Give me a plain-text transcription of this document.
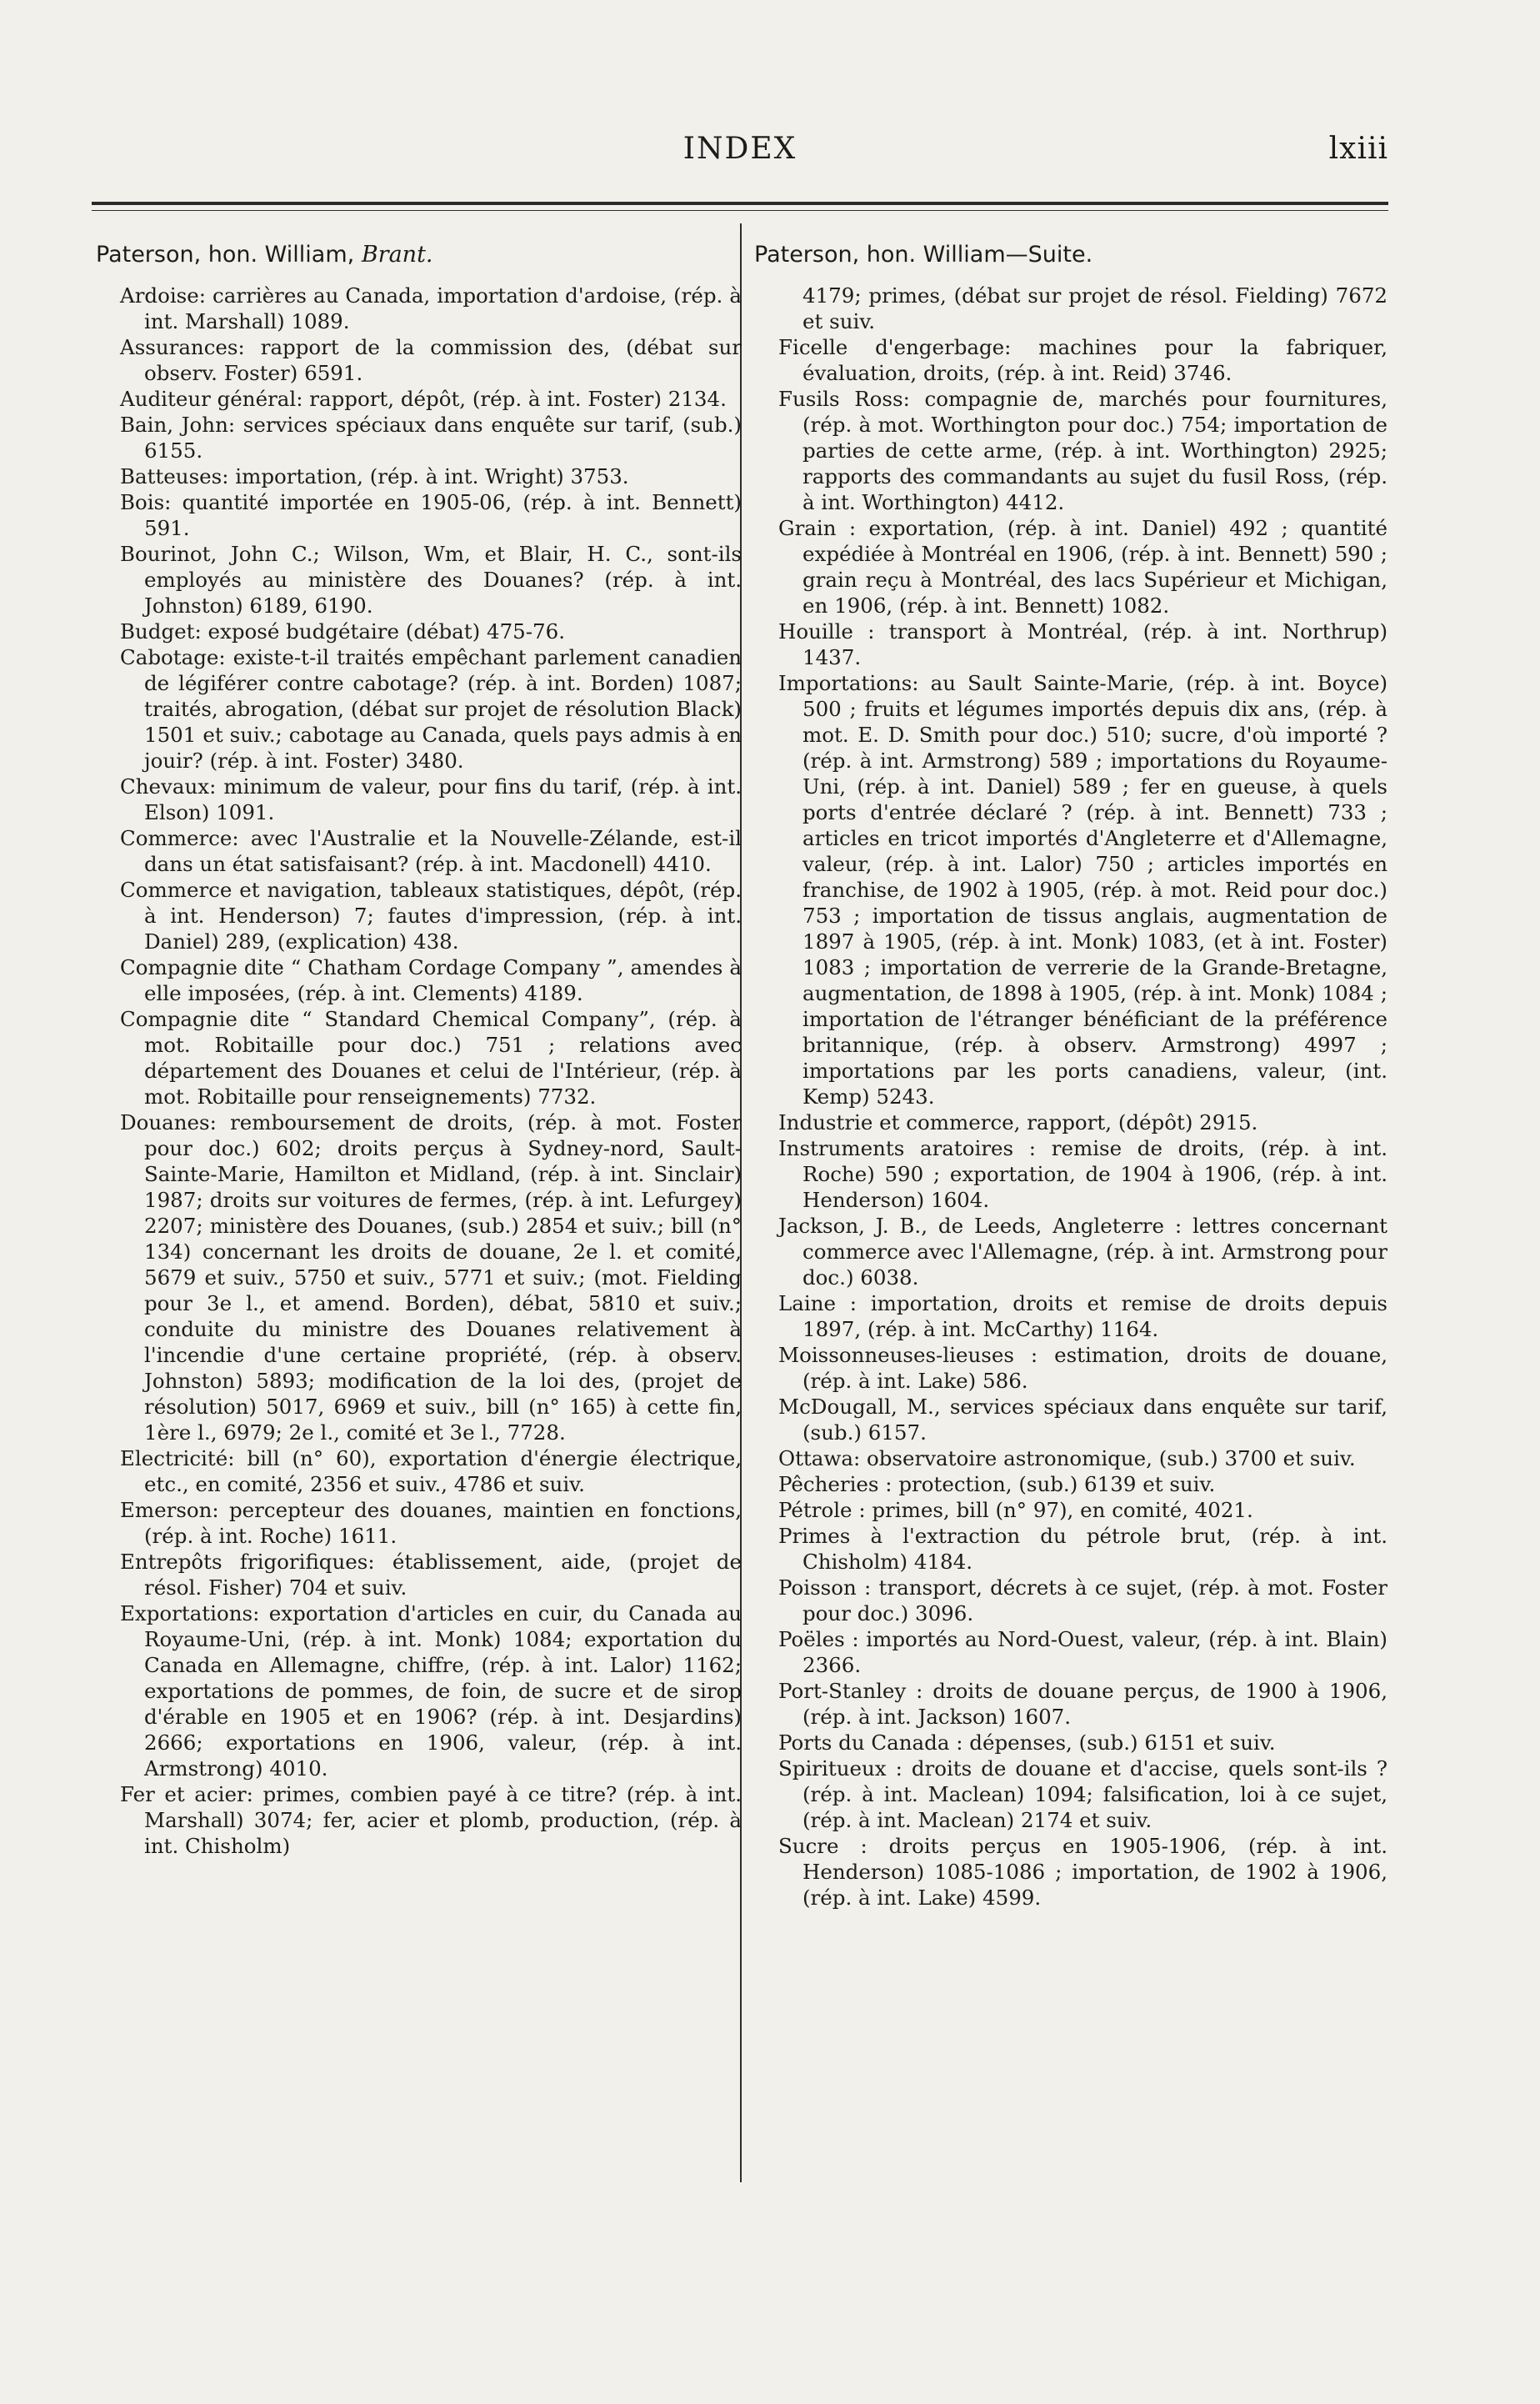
INDEX	lxiii
Paterson, hon. William, Brant.
Ardoise: carrières au Canada, importation d'ardoise, (rép. à int. Marshall) 1089.
Assurances: rapport de la commission des, (débat sur observ. Foster) 6591.
Auditeur général: rapport, dépôt, (rép. à int. Foster) 2134.
Bain, John: services spéciaux dans enquête sur tarif, (sub.) 6155.
Batteuses: importation, (rép. à int. Wright) 3753.
Bois: quantité importée en 1905-06, (rép. à int. Bennett) 591.
Bourinot, John C.; Wilson, Wm, et Blair, H. C., sont-ils employés au ministère des Douanes? (rép. à int. Johnston) 6189, 6190.
Budget: exposé budgétaire (débat) 475-76.
Cabotage: existe-t-il traités empêchant parlement canadien de légiférer contre cabotage? (rép. à int. Borden) 1087; traités, abrogation, (débat sur projet de résolution Black) 1501 et suiv.; cabotage au Canada, quels pays admis à en jouir? (rép. à int. Foster) 3480.
Chevaux: minimum de valeur, pour fins du tarif, (rép. à int. Elson) 1091.
Commerce: avec l'Australie et la Nouvelle-Zélande, est-il dans un état satisfaisant? (rép. à int. Macdonell) 4410.
Commerce et navigation, tableaux statistiques, dépôt, (rép. à int. Henderson) 7; fautes d'impression, (rép. à int. Daniel) 289, (explication) 438.
Compagnie dite “ Chatham Cordage Company ”, amendes à elle imposées, (rép. à int. Clements) 4189.
Compagnie dite “ Standard Chemical Company”, (rép. à mot. Robitaille pour doc.) 751 ; relations avec département des Douanes et celui de l'Intérieur, (rép. à mot. Robitaille pour renseignements) 7732.
Douanes: remboursement de droits, (rép. à mot. Foster pour doc.) 602; droits perçus à Sydney-nord, Sault-Sainte-Marie, Hamilton et Midland, (rép. à int. Sinclair) 1987; droits sur voitures de fermes, (rép. à int. Lefurgey) 2207; ministère des Douanes, (sub.) 2854 et suiv.; bill (n° 134) concernant les droits de douane, 2e l. et comité, 5679 et suiv., 5750 et suiv., 5771 et suiv.; (mot. Fielding pour 3e l., et amend. Borden), débat, 5810 et suiv.; conduite du ministre des Douanes relativement à l'incendie d'une certaine propriété, (rép. à observ. Johnston) 5893; modification de la loi des, (projet de résolution) 5017, 6969 et suiv., bill (n° 165) à cette fin, 1ère l., 6979; 2e l., comité et 3e l., 7728.
Electricité: bill (n° 60), exportation d'énergie électrique, etc., en comité, 2356 et suiv., 4786 et suiv.
Emerson: percepteur des douanes, maintien en fonctions, (rép. à int. Roche) 1611.
Entrepôts frigorifiques: établissement, aide, (projet de résol. Fisher) 704 et suiv.
Exportations: exportation d'articles en cuir, du Canada au Royaume-Uni, (rép. à int. Monk) 1084; exportation du Canada en Allemagne, chiffre, (rép. à int. Lalor) 1162; exportations de pommes, de foin, de sucre et de sirop d'érable en 1905 et en 1906? (rép. à int. Desjardins) 2666; exportations en 1906, valeur, (rép. à int. Armstrong) 4010.
Fer et acier: primes, combien payé à ce titre? (rép. à int. Marshall) 3074; fer, acier et plomb, production, (rép. à int. Chisholm)
Paterson, hon. William—Suite.
4179; primes, (débat sur projet de résol. Fielding) 7672 et suiv.
Ficelle d'engerbage: machines pour la fabriquer, évaluation, droits, (rép. à int. Reid) 3746.
Fusils Ross: compagnie de, marchés pour fournitures, (rép. à mot. Worthington pour doc.) 754; importation de parties de cette arme, (rép. à int. Worthington) 2925; rapports des commandants au sujet du fusil Ross, (rép. à int. Worthington) 4412.
Grain : exportation, (rép. à int. Daniel) 492 ; quantité expédiée à Montréal en 1906, (rép. à int. Bennett) 590 ; grain reçu à Montréal, des lacs Supérieur et Michigan, en 1906, (rép. à int. Bennett) 1082.
Houille : transport à Montréal, (rép. à int. Northrup) 1437.
Importations: au Sault Sainte-Marie, (rép. à int. Boyce) 500 ; fruits et légumes importés depuis dix ans, (rép. à mot. E. D. Smith pour doc.) 510; sucre, d'où importé ? (rép. à int. Armstrong) 589 ; importations du Royaume-Uni, (rép. à int. Daniel) 589 ; fer en gueuse, à quels ports d'entrée déclaré ? (rép. à int. Bennett) 733 ; articles en tricot importés d'Angleterre et d'Allemagne, valeur, (rép. à int. Lalor) 750 ; articles importés en franchise, de 1902 à 1905, (rép. à mot. Reid pour doc.) 753 ; importation de tissus anglais, augmentation de 1897 à 1905, (rép. à int. Monk) 1083, (et à int. Foster) 1083 ; importation de verrerie de la Grande-Bretagne, augmentation, de 1898 à 1905, (rép. à int. Monk) 1084 ; importation de l'étranger bénéficiant de la préférence britannique, (rép. à observ. Armstrong) 4997 ; importations par les ports canadiens, valeur, (int. Kemp) 5243.
Industrie et commerce, rapport, (dépôt) 2915.
Instruments aratoires : remise de droits, (rép. à int. Roche) 590 ; exportation, de 1904 à 1906, (rép. à int. Henderson) 1604.
Jackson, J. B., de Leeds, Angleterre : lettres concernant commerce avec l'Allemagne, (rép. à int. Armstrong pour doc.) 6038.
Laine : importation, droits et remise de droits depuis 1897, (rép. à int. McCarthy) 1164.
Moissonneuses-lieuses : estimation, droits de douane, (rép. à int. Lake) 586.
McDougall, M., services spéciaux dans enquête sur tarif, (sub.) 6157.
Ottawa: observatoire astronomique, (sub.) 3700 et suiv.
Pêcheries : protection, (sub.) 6139 et suiv.
Pétrole : primes, bill (n° 97), en comité, 4021.
Primes à l'extraction du pétrole brut, (rép. à int. Chisholm) 4184.
Poisson : transport, décrets à ce sujet, (rép. à mot. Foster pour doc.) 3096.
Poëles : importés au Nord-Ouest, valeur, (rép. à int. Blain) 2366.
Port-Stanley : droits de douane perçus, de 1900 à 1906, (rép. à int. Jackson) 1607.
Ports du Canada : dépenses, (sub.) 6151 et suiv.
Spiritueux : droits de douane et d'accise, quels sont-ils ? (rép. à int. Maclean) 1094; falsification, loi à ce sujet, (rép. à int. Maclean) 2174 et suiv.
Sucre : droits perçus en 1905-1906, (rép. à int. Henderson) 1085-1086 ; importation, de 1902 à 1906, (rép. à int. Lake) 4599.
